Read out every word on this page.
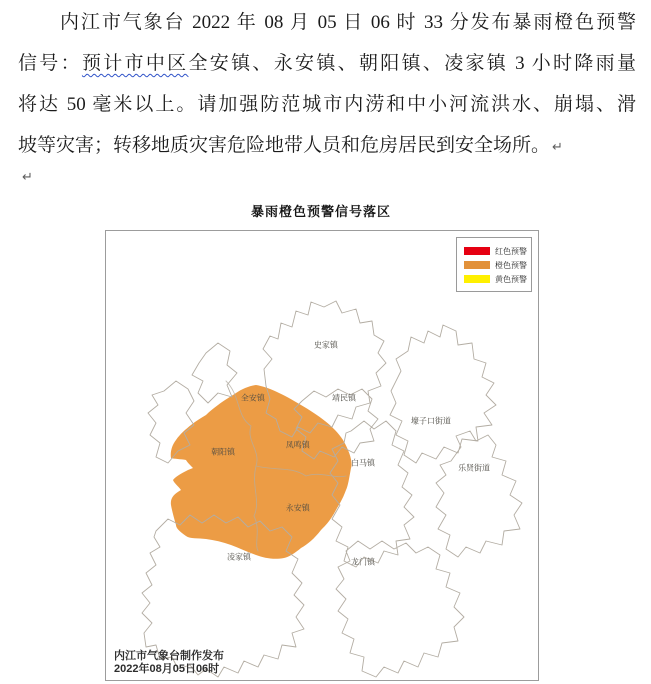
内江市气象台 2022 年 08 月 05 日 06 时 33 分发布暴雨橙色预警
信号：预计市中区全安镇、永安镇、朝阳镇、凌家镇 3 小时降雨量
将达 50 毫米以上。请加强防范城市内涝和中小河流洪水、崩塌、滑
坡等灾害；转移地质灾害危险地带人员和危房居民到安全场所。 ↵
↵
暴雨橙色预警信号落区
史家镇
全安镇	靖民镇
壕子口街道
凤鸣镇
朝阳镇
白马镇
乐贤街道
永安镇
凌家镇
龙门镇
红色预警
橙色预警
黄色预警
内江市气象台制作发布
2022年08月05日06时
